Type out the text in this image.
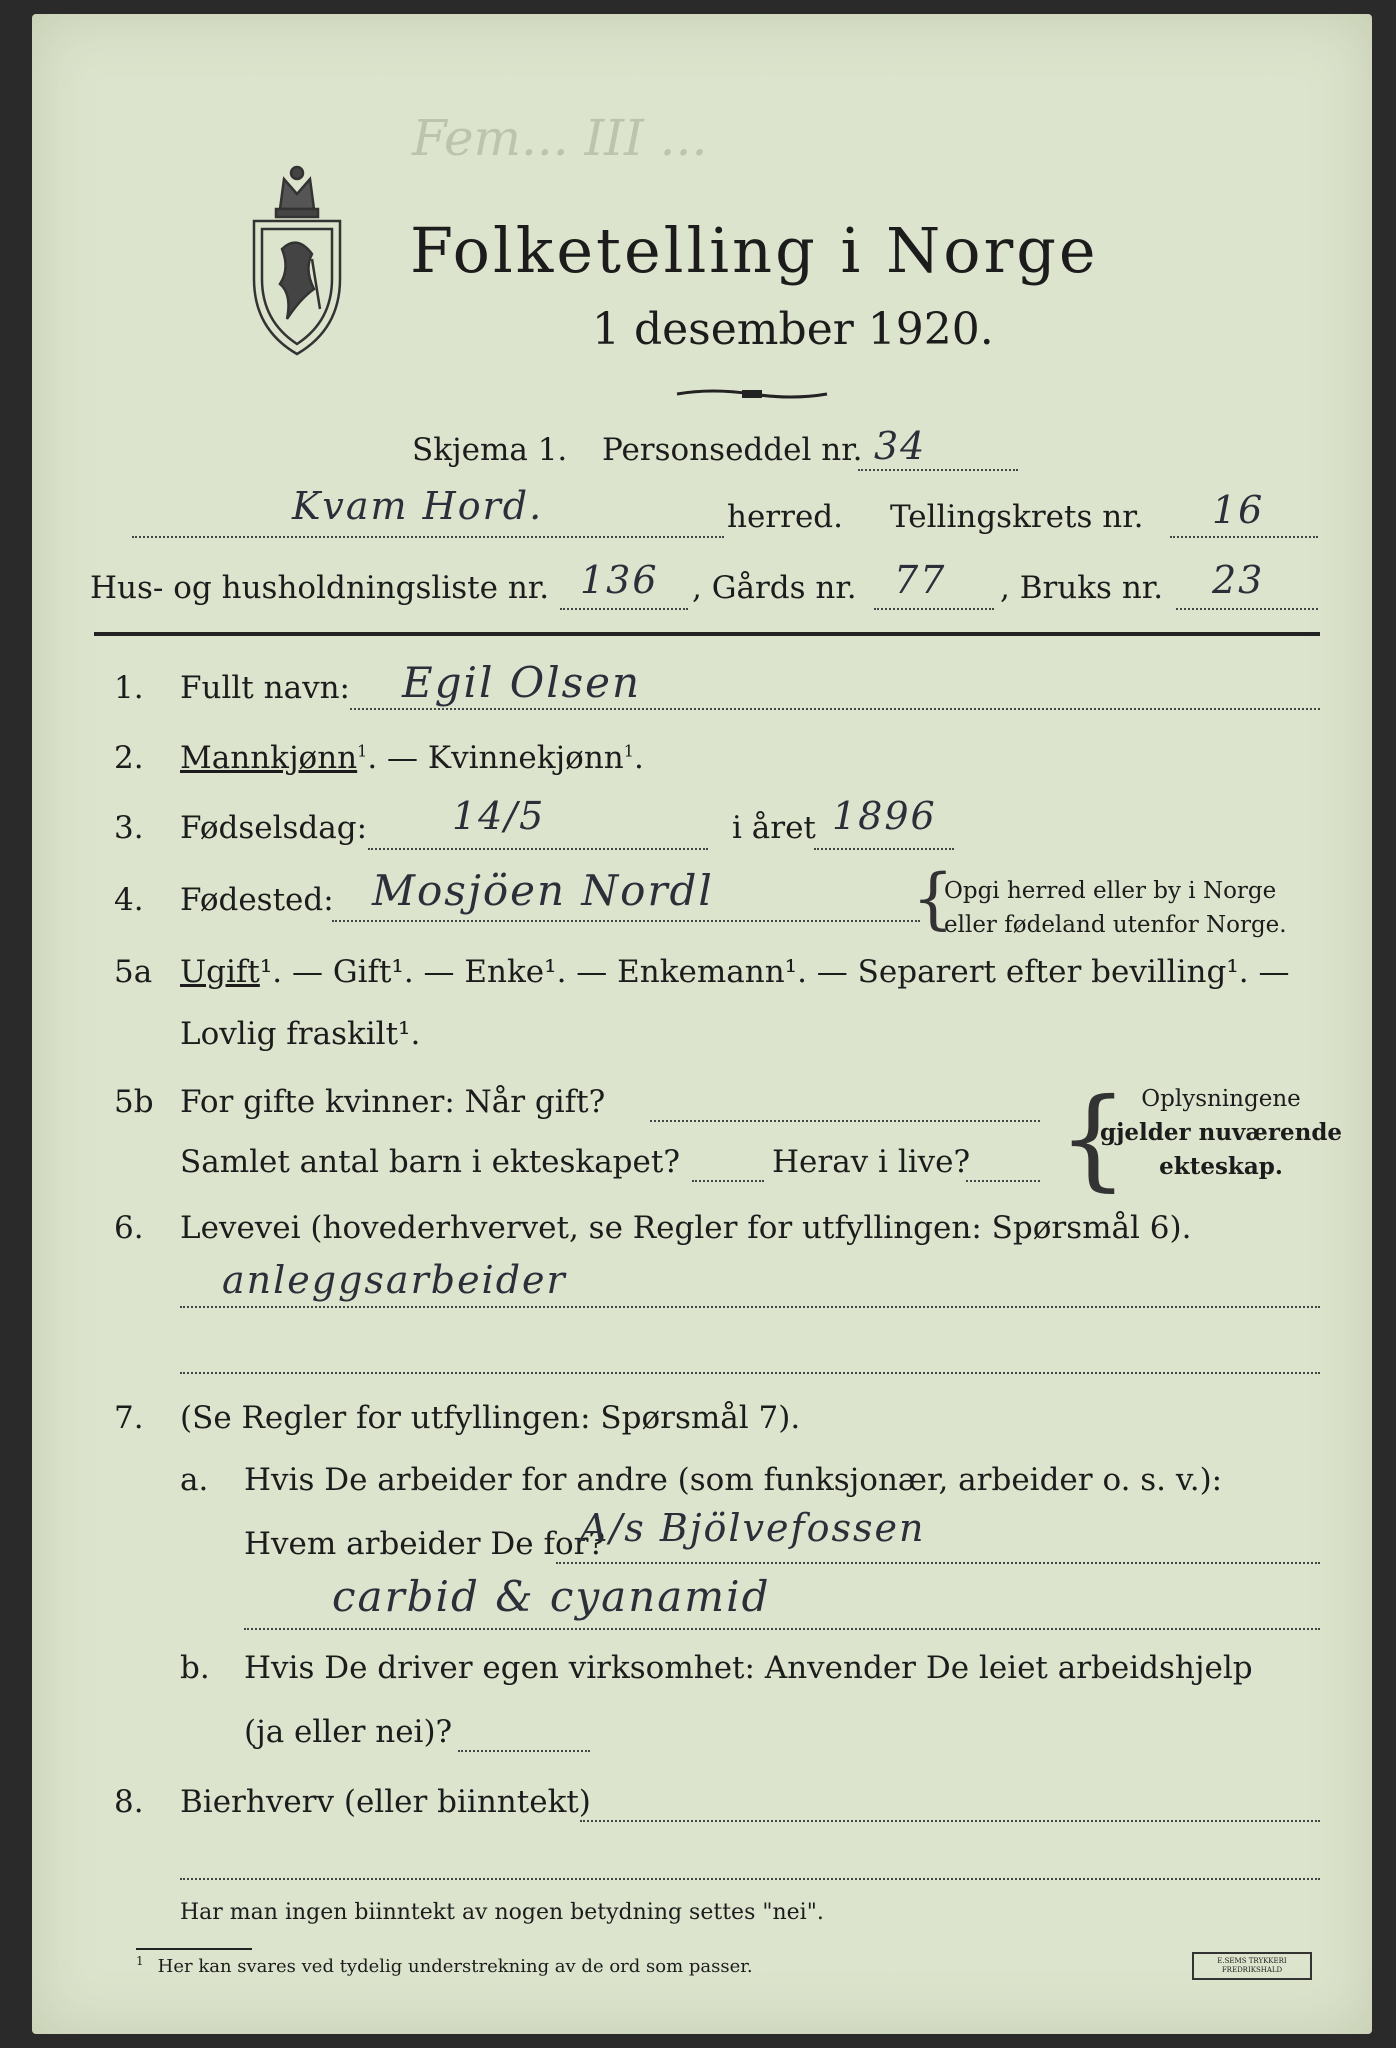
Fem... III ...
Folketelling i Norge
1 desember 1920.
Skjema 1. Personseddel nr. 34
Kvam Hord.	herred. Tellingskrets nr. 16
Hus- og husholdningsliste nr. 136 , Gårds nr. 77 , Bruks nr. 23
1. Fullt navn: Egil Olsen
2. Mannkjønn$^1$. — Kvinnekjønn$^1$.
3. Fødselsdag: 14/5	i året 1896
4. Fødested: Mosjöen Nordl	{
Opgi herred eller by i Norge
eller fødeland utenfor Norge.
5a Ugift¹. — Gift¹. — Enke¹. — Enkemann¹. — Separert efter bevilling¹. —
Lovlig fraskilt¹.
5b For gifte kvinner: Når gift?
Samlet antal barn i ekteskapet?	Herav i live? { Oplysningene
gjelder nuværende
ekteskap.
6. Levevei (hovederhvervet, se Regler for utfyllingen: Spørsmål 6).
anleggsarbeider
7. (Se Regler for utfyllingen: Spørsmål 7).
a. Hvis De arbeider for andre (som funksjonær, arbeider o. s. v.):
Hvem arbeider De for?
A/s Bjölvefossen
carbid & cyanamid
b. Hvis De driver egen virksomhet: Anvender De leiet arbeidshjelp
(ja eller nei)?
8. Bierhverv (eller biinntekt)
Har man ingen biinntekt av nogen betydning settes "nei".
$^1$ Her kan svares ved tydelig understrekning av de ord som passer.	E.SEMS TRYKKERI FREDRIKSHALD
